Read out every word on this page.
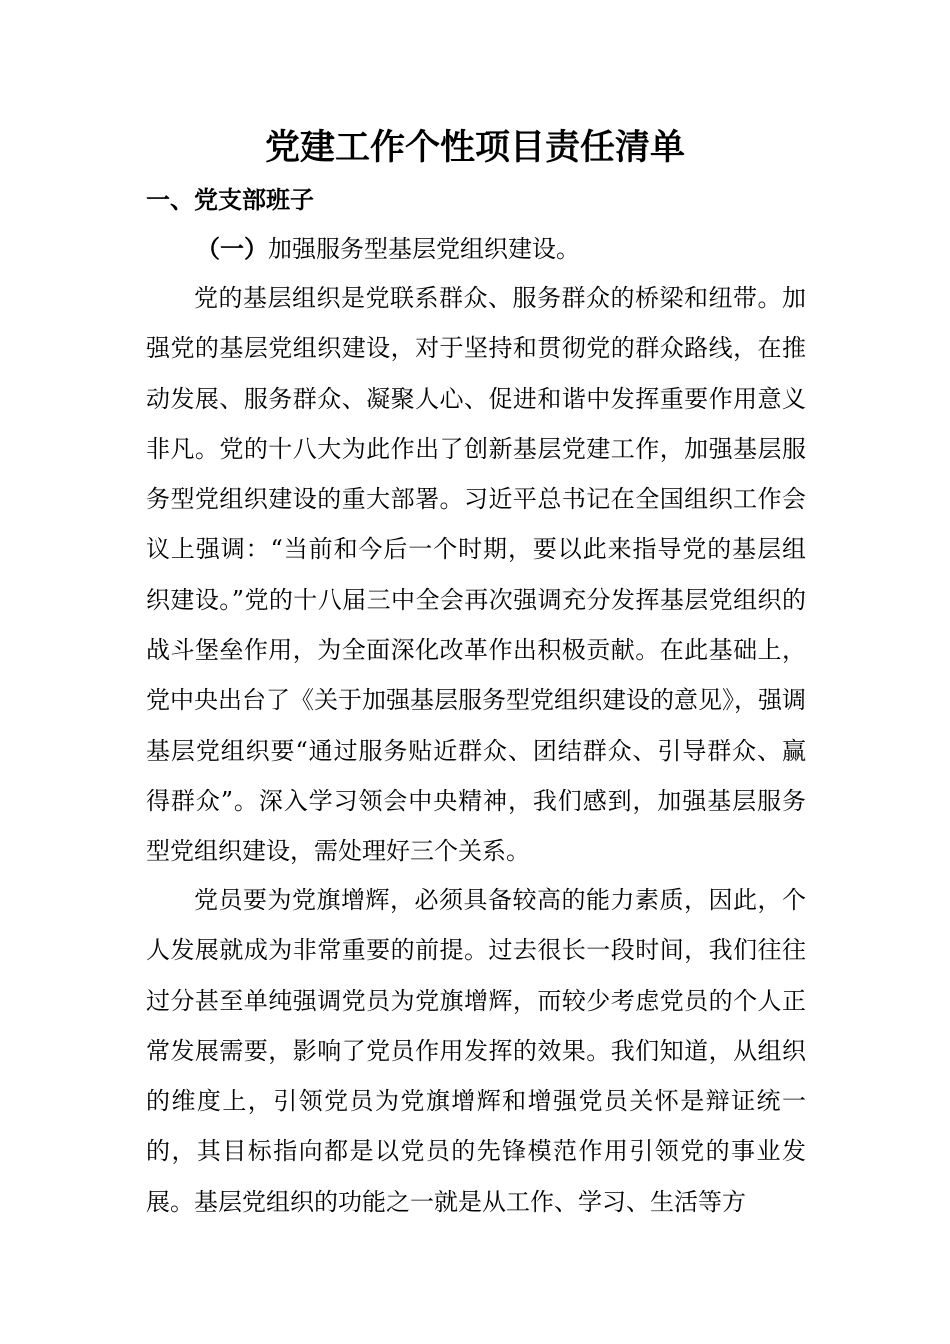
党建工作个性项目责任清单
一、党支部班子
（一）加强服务型基层党组织建设。

党的基层组织是党联系群众、服务群众的桥梁和纽带。加强党的基层党组织建设，对于坚持和贯彻党的群众路线，在推动发展、服务群众、凝聚人心、促进和谐中发挥重要作用意义非凡。党的十八大为此作出了创新基层党建工作，加强基层服务型党组织建设的重大部署。习近平总书记在全国组织工作会议上强调：“当前和今后一个时期，要以此来指导党的基层组织建设。”党的十八届三中全会再次强调充分发挥基层党组织的战斗堡垒作用，为全面深化改革作出积极贡献。在此基础上，党中央出台了《关于加强基层服务型党组织建设的意见》，强调基层党组织要“通过服务贴近群众、团结群众、引导群众、赢得群众”。深入学习领会中央精神，我们感到，加强基层服务型党组织建设，需处理好三个关系。

党员要为党旗增辉，必须具备较高的能力素质，因此，个人发展就成为非常重要的前提。过去很长一段时间，我们往往过分甚至单纯强调党员为党旗增辉，而较少考虑党员的个人正常发展需要，影响了党员作用发挥的效果。我们知道，从组织的维度上，引领党员为党旗增辉和增强党员关怀是辩证统一的，其目标指向都是以党员的先锋模范作用引领党的事业发展。基层党组织的功能之一就是从工作、学习、生活等方
